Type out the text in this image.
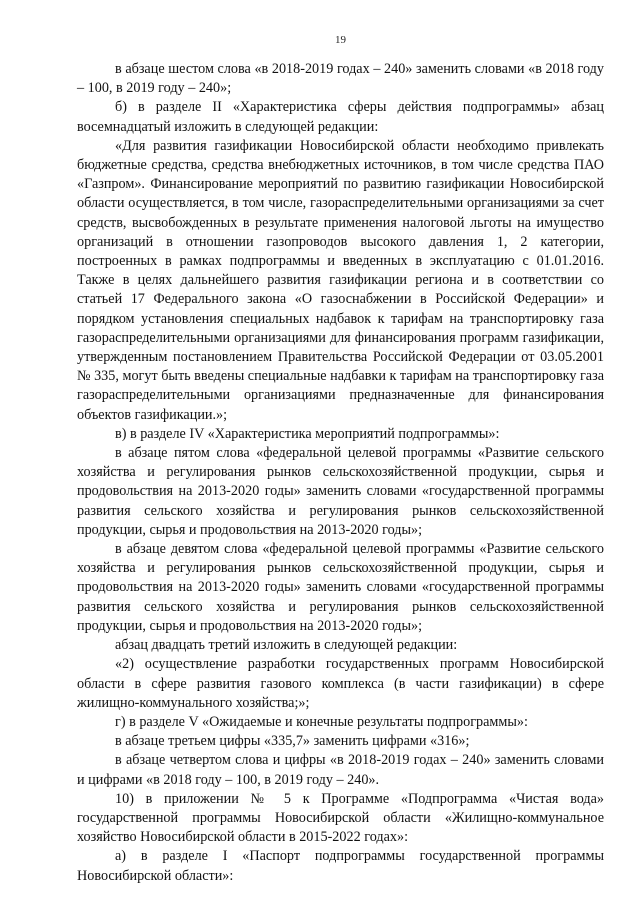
19

в абзаце шестом слова «в 2018-2019 годах – 240» заменить словами «в 2018 году – 100, в 2019 году – 240»;

б) в разделе II «Характеристика сферы действия подпрограммы» абзац восемнадцатый изложить в следующей редакции:

«Для развития газификации Новосибирской области необходимо привлекать бюджетные средства, средства внебюджетных источников, в том числе средства ПАО «Газпром». Финансирование мероприятий по развитию газификации Новосибирской области осуществляется, в том числе, газораспределительными организациями за счет средств, высвобожденных в результате применения налоговой льготы на имущество организаций в отношении газопроводов высокого давления 1, 2 категории, построенных в рамках подпрограммы и введенных в эксплуатацию с 01.01.2016. Также в целях дальнейшего развития газификации региона и в соответствии со статьей 17 Федерального закона «О газоснабжении в Российской Федерации» и порядком установления специальных надбавок к тарифам на транспортировку газа газораспределительными организациями для финансирования программ газификации, утвержденным постановлением Правительства Российской Федерации от 03.05.2001 № 335, могут быть введены специальные надбавки к тарифам на транспортировку газа газораспределительными организациями предназначенные для финансирования объектов газификации.»;

в) в разделе IV «Характеристика мероприятий подпрограммы»:

в абзаце пятом слова «федеральной целевой программы «Развитие сельского хозяйства и регулирования рынков сельскохозяйственной продукции, сырья и продовольствия на 2013-2020 годы» заменить словами «государственной программы развития сельского хозяйства и регулирования рынков сельскохозяйственной продукции, сырья и продовольствия на 2013-2020 годы»;

в абзаце девятом слова «федеральной целевой программы «Развитие сельского хозяйства и регулирования рынков сельскохозяйственной продукции, сырья и продовольствия на 2013-2020 годы» заменить словами «государственной программы развития сельского хозяйства и регулирования рынков сельскохозяйственной продукции, сырья и продовольствия на 2013-2020 годы»;

абзац двадцать третий изложить в следующей редакции:

«2) осуществление разработки государственных программ Новосибирской области в сфере развития газового комплекса (в части газификации) в сфере жилищно-коммунального хозяйства;»;

г) в разделе V «Ожидаемые и конечные результаты подпрограммы»:

в абзаце третьем цифры «335,7» заменить цифрами «316»;

в абзаце четвертом слова и цифры «в 2018-2019 годах – 240» заменить словами и цифрами «в 2018 году – 100, в 2019 году – 240».

10) в приложении № 5 к Программе «Подпрограмма «Чистая вода» государственной программы Новосибирской области «Жилищно-коммунальное хозяйство Новосибирской области в 2015-2022 годах»:

а) в разделе I «Паспорт подпрограммы государственной программы Новосибирской области»:
